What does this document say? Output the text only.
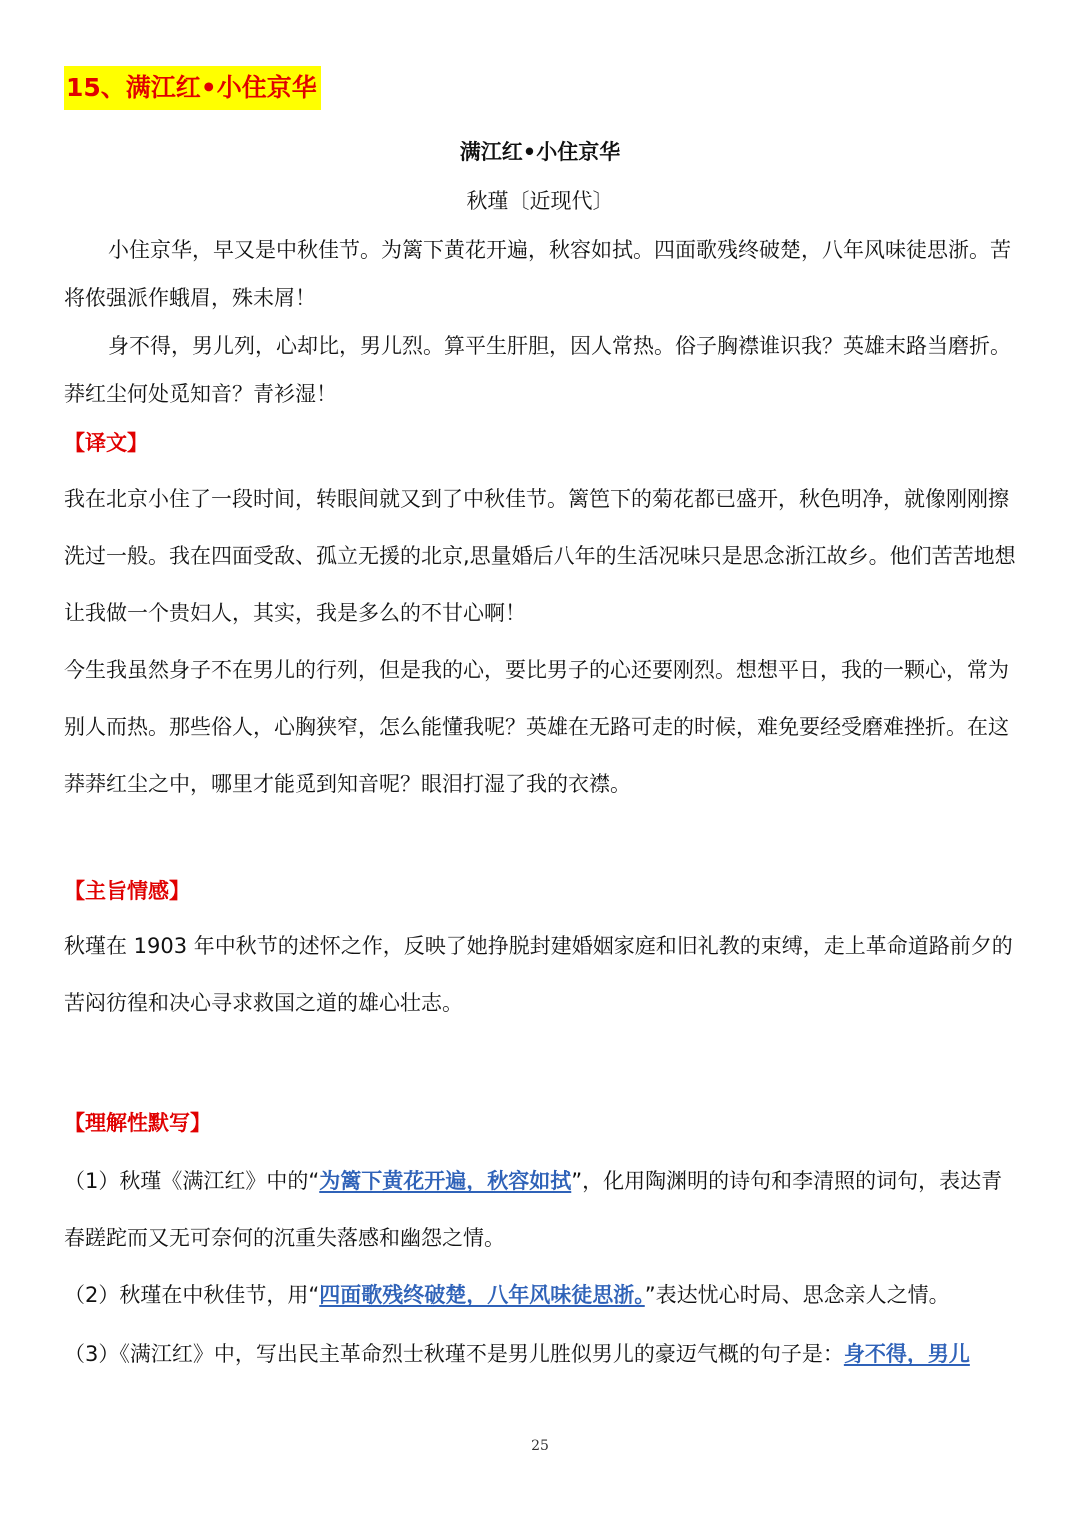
15、满江红•小住京华
满江红•小住京华
秋瑾〔近现代〕

小住京华，早又是中秋佳节。为篱下黄花开遍，秋容如拭。四面歌残终破楚，八年风味徒思浙。苦将侬强派作蛾眉，殊未屑！

身不得，男儿列，心却比，男儿烈。算平生肝胆，因人常热。俗子胸襟谁识我？英雄末路当磨折。莽红尘何处觅知音？青衫湿！

【译文】

我在北京小住了一段时间，转眼间就又到了中秋佳节。篱笆下的菊花都已盛开，秋色明净，就像刚刚擦洗过一般。我在四面受敌、孤立无援的北京,思量婚后八年的生活况味只是思念浙江故乡。他们苦苦地想让我做一个贵妇人，其实，我是多么的不甘心啊！

今生我虽然身子不在男儿的行列，但是我的心，要比男子的心还要刚烈。想想平日，我的一颗心，常为别人而热。那些俗人，心胸狭窄，怎么能懂我呢？英雄在无路可走的时候，难免要经受磨难挫折。在这莽莽红尘之中，哪里才能觅到知音呢？眼泪打湿了我的衣襟。

【主旨情感】

秋瑾在 1903 年中秋节的述怀之作，反映了她挣脱封建婚姻家庭和旧礼教的束缚，走上革命道路前夕的苦闷彷徨和决心寻求救国之道的雄心壮志。

【理解性默写】

（1）秋瑾《满江红》中的“为篱下黄花开遍，秋容如拭”，化用陶渊明的诗句和李清照的词句，表达青春蹉跎而又无可奈何的沉重失落感和幽怨之情。

（2）秋瑾在中秋佳节，用“四面歌残终破楚，八年风味徒思浙。”表达忧心时局、思念亲人之情。

（3）《满江红》中，写出民主革命烈士秋瑾不是男儿胜似男儿的豪迈气概的句子是：身不得，男儿

25
